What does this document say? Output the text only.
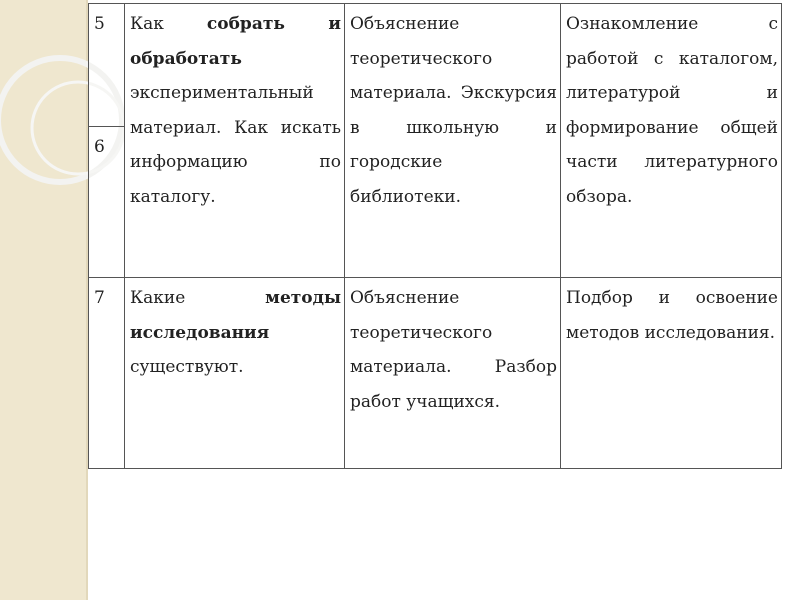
5	Как собрать и обработать экспериментальный материал. Как искать информацию по каталогу.	Объяснение теоретического материала. Экскурсия в школьную и городские библиотеки.	Ознакомление с работой с каталогом, литературой и формирование общей части литературного обзора.
6			
7	Какие методы исследования существуют.	Объяснение теоретического материала. Разбор работ учащихся.	Подбор и освоение методов исследования.
